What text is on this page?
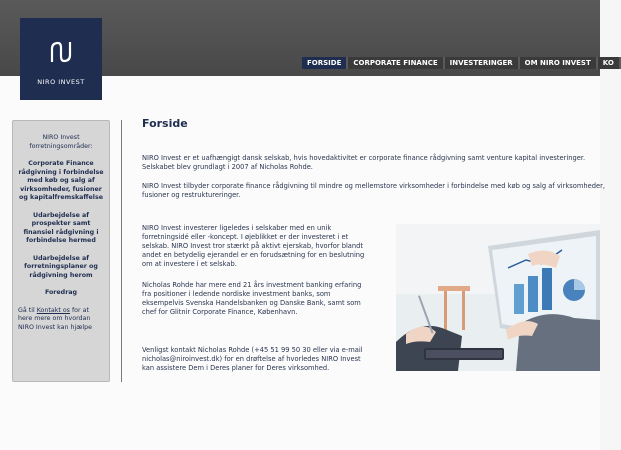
NIRO INVEST
FORSIDE	CORPORATE FINANCE	INVESTERINGER	OM NIRO INVEST	KO
NIRO Invest forretningsområder:
Corporate Finance rådgivning i forbindelse med køb og salg af virksomheder, fusioner og kapitalfremskaffelse
Udarbejdelse af prospekter samt finansiel rådgivning i forbindelse hermed
Udarbejdelse af forretningsplaner og rådgivning herom
Foredrag
Gå til Kontakt os for at here mere om hvordan NIRO Invest kan hjælpe
Forside

NIRO Invest er et uafhængigt dansk selskab, hvis hovedaktivitet er corporate finance rådgivning samt venture kapital investeringer. Selskabet blev grundlagt i 2007 af Nicholas Rohde.

NIRO Invest tilbyder corporate finance rådgivning til mindre og mellemstore virksomheder i forbindelse med køb og salg af virksomheder, fusioner og restruktureringer.

NIRO Invest investerer ligeledes i selskaber med en unik forretningsidé eller -koncept. I øjeblikket er der investeret i et selskab. NIRO Invest tror stærkt på aktivt ejerskab, hvorfor blandt andet en betydelig ejerandel er en forudsætning for en beslutning om at investere i et selskab.

Nicholas Rohde har mere end 21 års investment banking erfaring fra positioner i ledende nordiske investment banks, som eksempelvis Svenska Handelsbanken og Danske Bank, samt som chef for Glitnir Corporate Finance, København.

Venligst kontakt Nicholas Rohde (+45 51 99 50 30 eller via e-mail nicholas@niroinvest.dk) for en drøftelse af hvorledes NIRO Invest kan assistere Dem i Deres planer for Deres virksomhed.
